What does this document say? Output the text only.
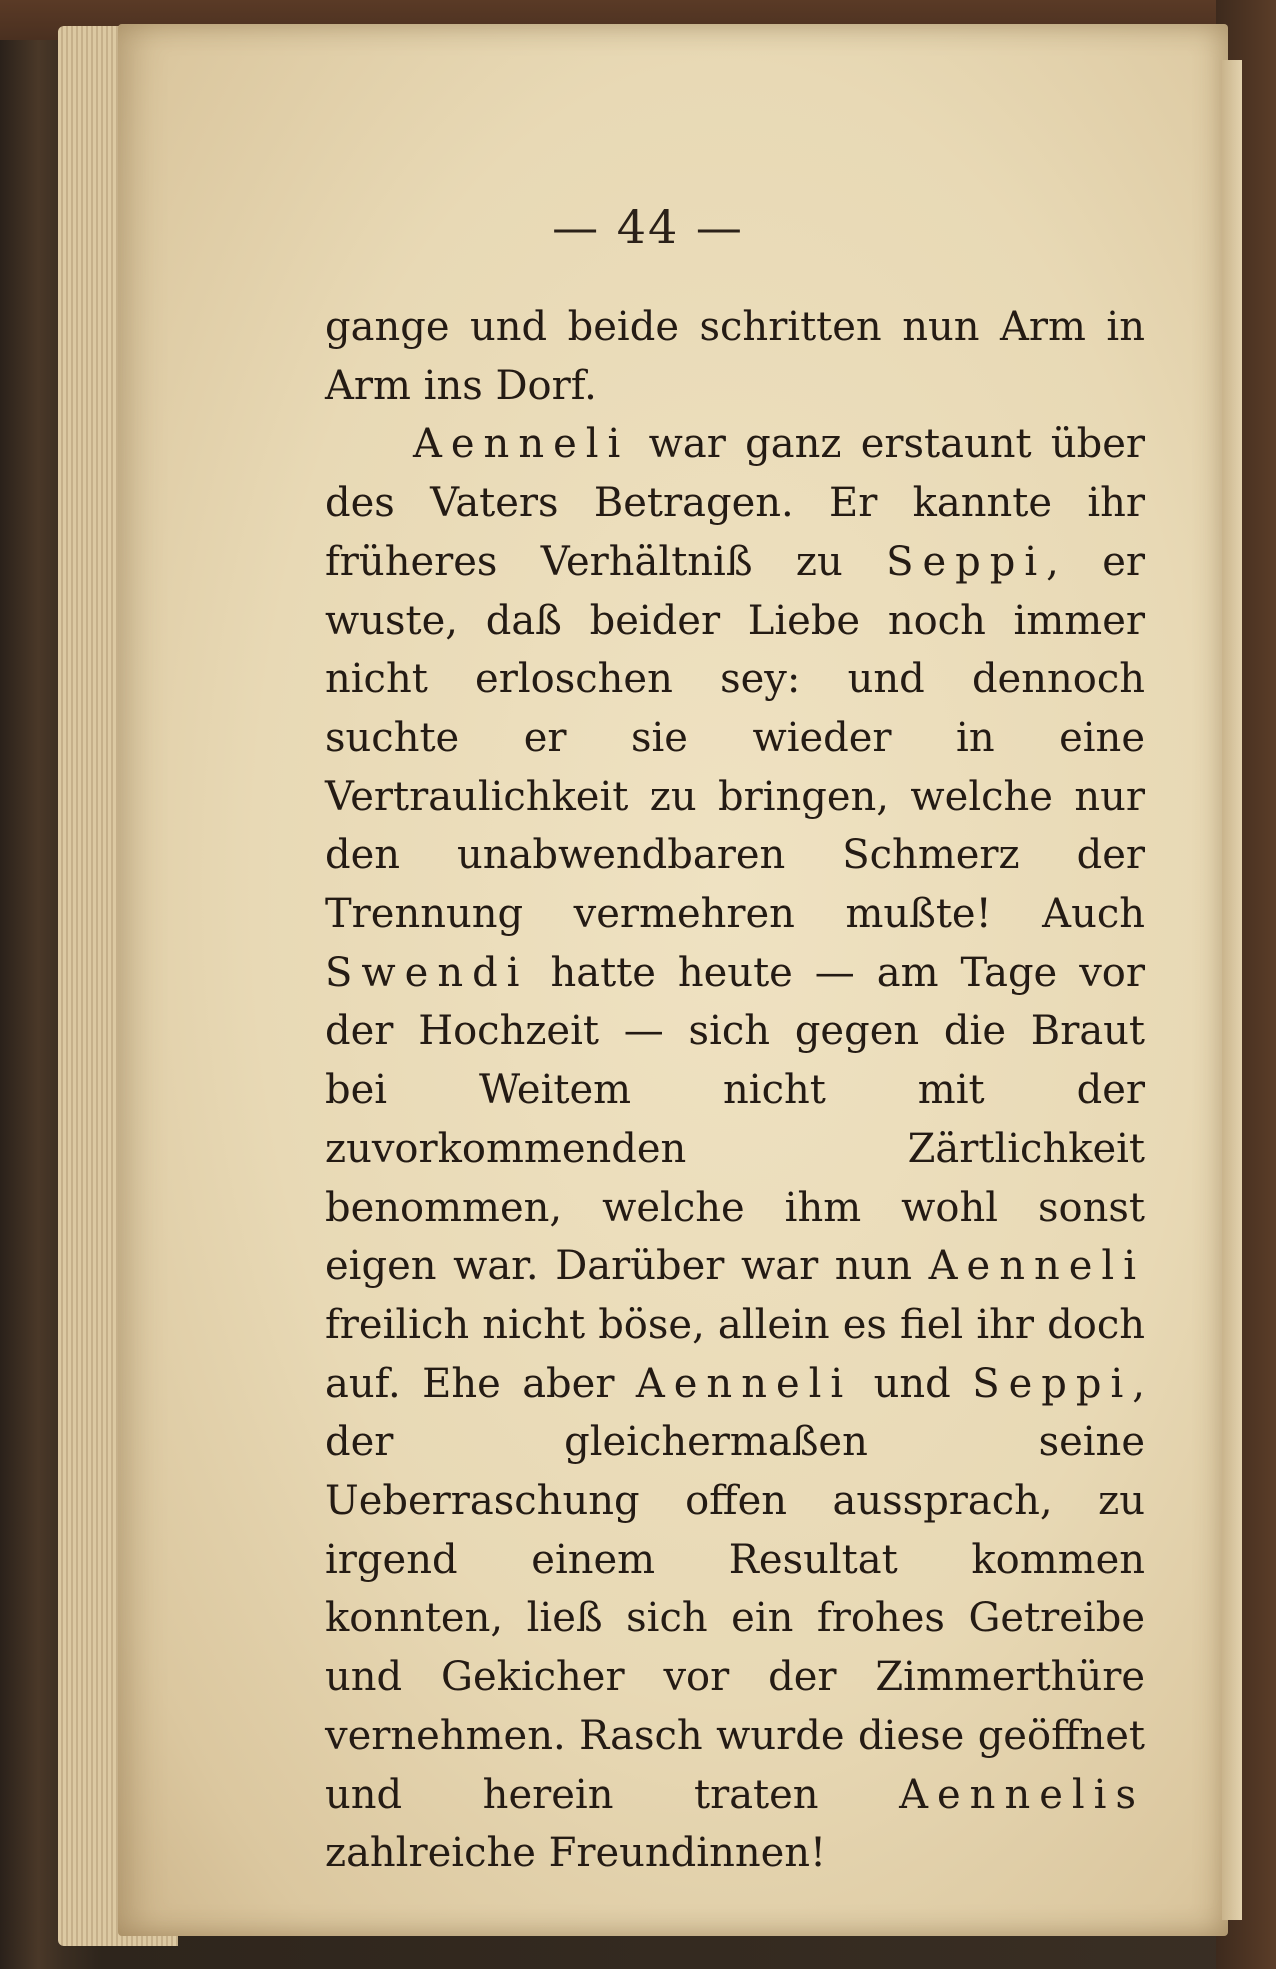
— 44 —

gange und beide schritten nun Arm in Arm ins Dorf.

Aenneli war ganz erstaunt über des Vaters Betragen. Er kannte ihr früheres Verhältniß zu Seppi, er wuste, daß beider Liebe noch immer nicht erloschen sey: und dennoch suchte er sie wieder in eine Vertraulichkeit zu bringen, welche nur den unabwendbaren Schmerz der Trennung vermehren mußte! Auch Swendi hatte heute — am Tage vor der Hochzeit — sich gegen die Braut bei Weitem nicht mit der zuvorkommenden Zärtlichkeit benommen, welche ihm wohl sonst eigen war. Darüber war nun Aenneli freilich nicht böse, allein es fiel ihr doch auf. Ehe aber Aenneli und Seppi, der gleichermaßen seine Ueberraschung offen aussprach, zu irgend einem Resultat kommen konnten, ließ sich ein frohes Getreibe und Gekicher vor der Zimmerthüre vernehmen. Rasch wurde diese geöffnet und herein traten Aennelis zahlreiche Freundinnen!
